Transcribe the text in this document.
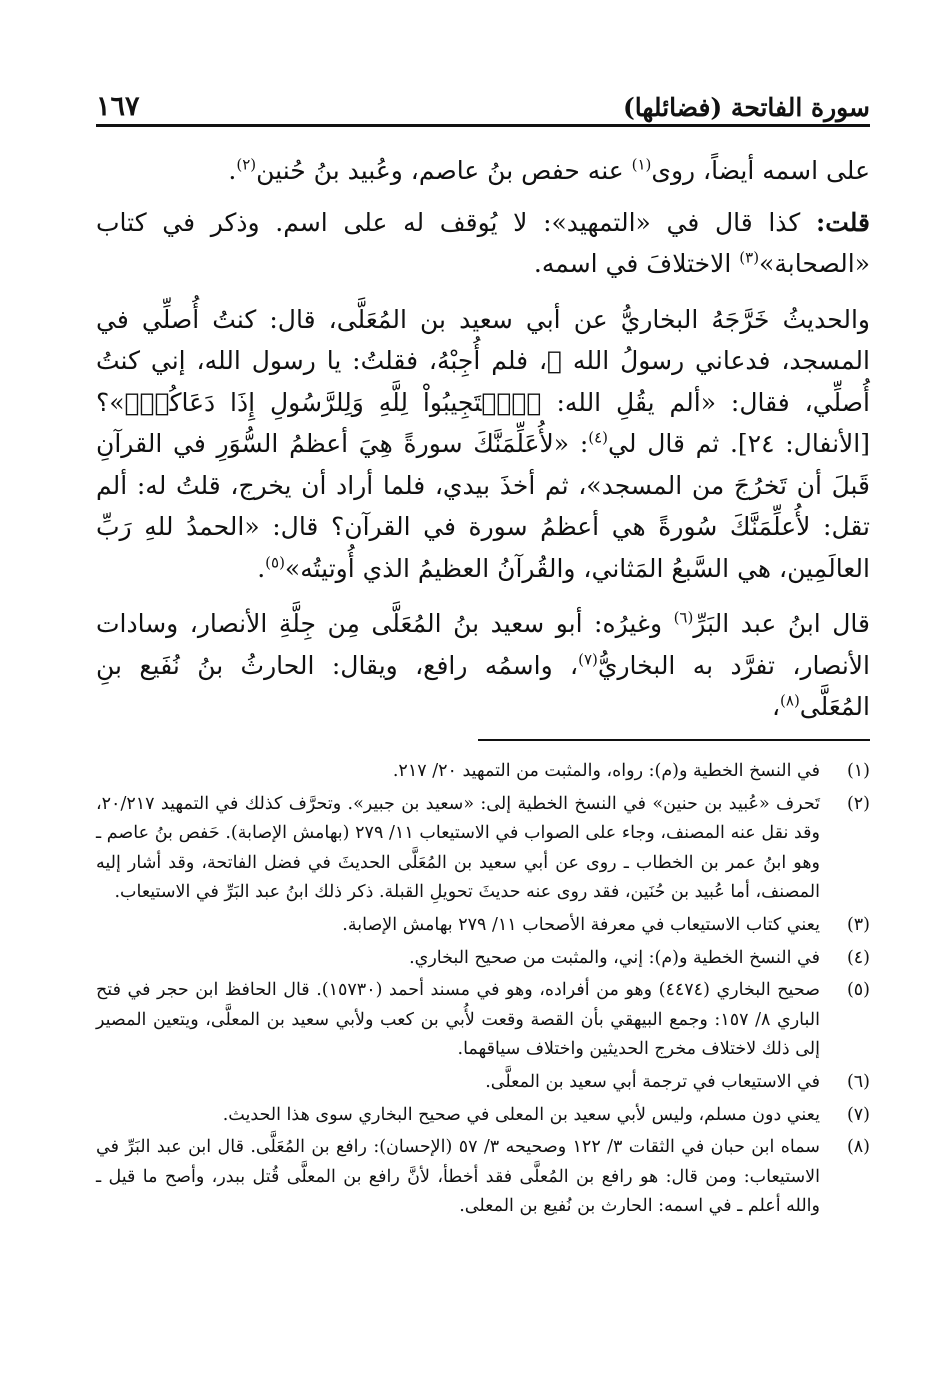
سورة الفاتحة (فضائلها)
١٦٧

على اسمه أيضاً، روى$^{(١)}$ عنه حفص بنُ عاصم، وعُبيد بنُ حُنين$^{(٢)}$.

قلت: كذا قال في «التمهيد»: لا يُوقف له على اسم. وذكر في كتاب «الصحابة»$^{(٣)}$ الاختلافَ في اسمه.

والحديثُ خَرَّجَهُ البخاريُّ عن أبي سعيد بن المُعَلَّى، قال: كنتُ أُصلِّي في المسجد، فدعاني رسولُ الله ﷺ، فلم أُجِبْهُ، فقلتُ: يا رسول الله، إني كنتُ أُصلِّي، فقال: «ألم يقُلِ الله: ﴿ٱسۡتَجِيبُواْ لِلَّهِ وَلِلرَّسُولِ إِذَا دَعَاكُمۡ﴾»؟ [الأنفال: ٢٤]. ثم قال لي$^{(٤)}$: «لأُعَلِّمَنَّكَ سورةً هِيَ أعظمُ السُّوَرِ في القرآنِ قَبلَ أن تَخرُجَ من المسجد»، ثم أخذَ بيدي، فلما أراد أن يخرج، قلتُ له: ألم تقل: لأُعلِّمَنَّكَ سُورةً هي أعظمُ سورة في القرآن؟ قال: «الحمدُ للهِ رَبِّ العالَمِين، هي السَّبعُ المَثاني، والقُرآنُ العظيمُ الذي أُوتيتُه»$^{(٥)}$.

قال ابنُ عبد البَرِّ$^{(٦)}$ وغيرُه: أبو سعيد بنُ المُعَلَّى مِن جِلَّةِ الأنصار، وسادات الأنصار، تفرَّد به البخاريُّ$^{(٧)}$، واسمُه رافع، ويقال: الحارثُ بنُ نُفَيع بنِ المُعَلَّى$^{(٨)}$،

(١)
في النسخ الخطية و(م): رواه، والمثبت من التمهيد ٢٠/ ٢١٧.
(٢)
تَحرف «عُبيد بن حنين» في النسخ الخطية إلى: «سعيد بن جبير». وتحرَّف كذلك في التمهيد ٢٠/٢١٧، وقد نقل عنه المصنف، وجاء على الصواب في الاستيعاب ١١/ ٢٧٩ (بهامش الإصابة). حَفص بنُ عاصم ـ وهو ابنُ عمر بن الخطاب ـ روى عن أبي سعيد بن المُعَلَّى الحديثَ في فضل الفاتحة، وقد أشار إليه المصنف، أما عُبيد بن حُنَين، فقد روى عنه حديثَ تحويلِ القبلة. ذكر ذلك ابنُ عبد البَرِّ في الاستيعاب.
(٣)
يعني كتاب الاستيعاب في معرفة الأصحاب ١١/ ٢٧٩ بهامش الإصابة.
(٤)
في النسخ الخطية و(م): إني، والمثبت من صحيح البخاري.
(٥)
صحيح البخاري (٤٤٧٤) وهو من أفراده، وهو في مسند أحمد (١٥٧٣٠). قال الحافظ ابن حجر في فتح الباري ٨/ ١٥٧: وجمع البيهقي بأن القصة وقعت لأُبي بن كعب ولأبي سعيد بن المعلَّى، ويتعين المصير إلى ذلك لاختلاف مخرج الحديثين واختلاف سياقهما.
(٦)
في الاستيعاب في ترجمة أبي سعيد بن المعلَّى.
(٧)
يعني دون مسلم، وليس لأبي سعيد بن المعلى في صحيح البخاري سوى هذا الحديث.
(٨)
سماه ابن حبان في الثقات ٣/ ١٢٢ وصحيحه ٣/ ٥٧ (الإحسان): رافع بن المُعَلَّى. قال ابن عبد البَرِّ في الاستيعاب: ومن قال: هو رافع بن المُعلَّى فقد أخطأ، لأنَّ رافع بن المعلَّى قُتل ببدر، وأصح ما قيل ـ والله أعلم ـ في اسمه: الحارث بن نُفيع بن المعلى.
